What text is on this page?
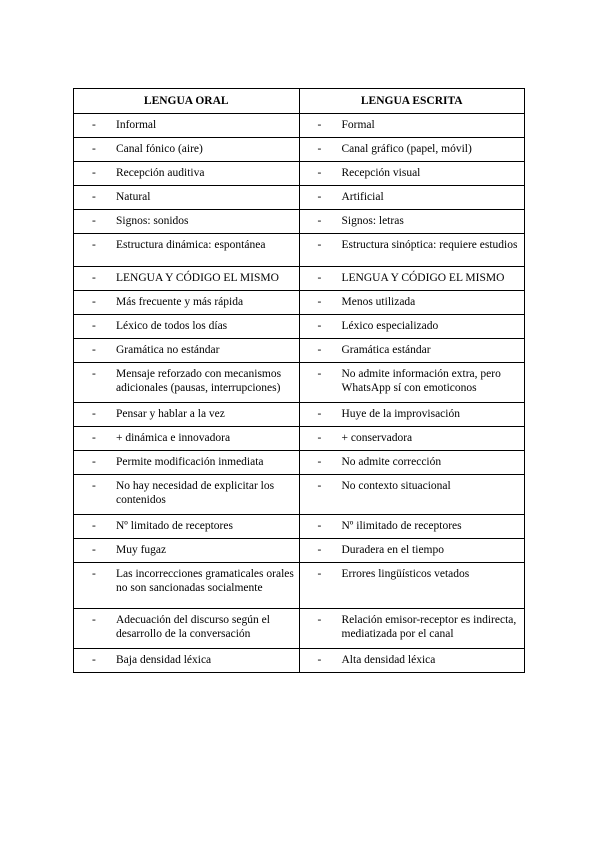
LENGUA ORAL	LENGUA ESCRITA

- Informal	- Formal

- Canal fónico (aire)	- Canal gráfico (papel, móvil)

- Recepción auditiva	- Recepción visual

- Natural	- Artificial

- Signos: sonidos	- Signos: letras

- Estructura dinámica: espontánea	- Estructura sinóptica: requiere estudios

- LENGUA Y CÓDIGO EL MISMO	- LENGUA Y CÓDIGO EL MISMO

- Más frecuente y más rápida	- Menos utilizada

- Léxico de todos los días	- Léxico especializado

- Gramática no estándar	- Gramática estándar

- Mensaje reforzado con mecanismos adicionales (pausas, interrupciones)	- No admite información extra, pero WhatsApp sí con emoticonos

- Pensar y hablar a la vez	- Huye de la improvisación

- + dinámica e innovadora	- + conservadora

- Permite modificación inmediata	- No admite corrección

- No hay necesidad de explicitar los contenidos	- No contexto situacional

- Nº limitado de receptores	- Nº ilimitado de receptores

- Muy fugaz	- Duradera en el tiempo

- Las incorrecciones gramaticales orales no son sancionadas socialmente	- Errores lingüísticos vetados

- Adecuación del discurso según el desarrollo de la conversación	- Relación emisor-receptor es indirecta, mediatizada por el canal

- Baja densidad léxica	- Alta densidad léxica
